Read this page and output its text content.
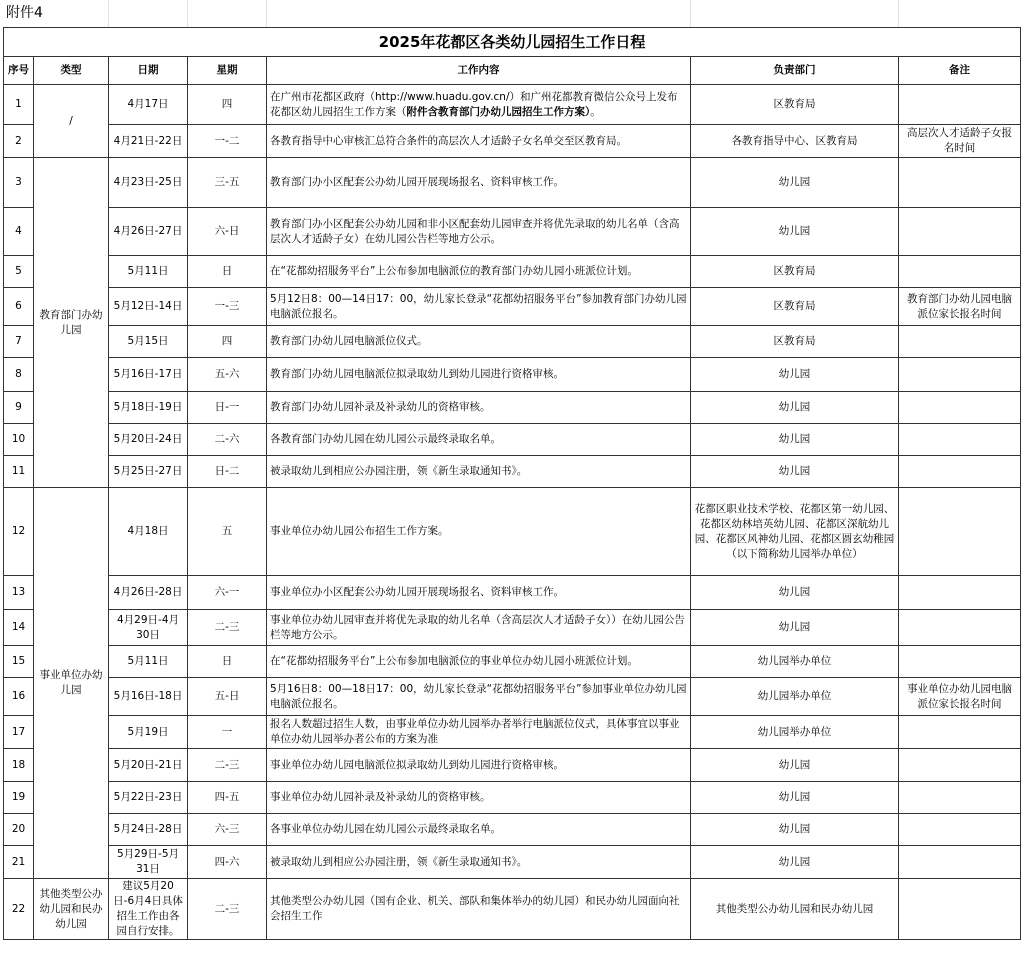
附件4
2025年花都区各类幼儿园招生工作日程						
序号	类型	日期	星期	工作内容	负责部门	备注
1	/	4月17日	四	在广州市花都区政府（http://www.huadu.gov.cn/）和广州花都教育微信公众号上发布花都区幼儿园招生工作方案（附件含教育部门办幼儿园招生工作方案）。	区教育局	
2		4月21日-22日	一-二	各教育指导中心审核汇总符合条件的高层次人才适龄子女名单交至区教育局。	各教育指导中心、区教育局	高层次人才适龄子女报名时间
3	教育部门办幼儿园	4月23日-25日	三-五	教育部门办小区配套公办幼儿园开展现场报名、资料审核工作。	幼儿园	
4		4月26日-27日	六-日	教育部门办小区配套公办幼儿园和非小区配套幼儿园审查并将优先录取的幼儿名单（含高层次人才适龄子女）在幼儿园公告栏等地方公示。	幼儿园	
5		5月11日	日	在“花都幼招服务平台”上公布参加电脑派位的教育部门办幼儿园小班派位计划。	区教育局	
6		5月12日-14日	一-三	5月12日8：00—14日17：00，幼儿家长登录“花都幼招服务平台”参加教育部门办幼儿园电脑派位报名。	区教育局	教育部门办幼儿园电脑派位家长报名时间
7		5月15日	四	教育部门办幼儿园电脑派位仪式。	区教育局	
8		5月16日-17日	五-六	教育部门办幼儿园电脑派位拟录取幼儿到幼儿园进行资格审核。	幼儿园	
9		5月18日-19日	日-一	教育部门办幼儿园补录及补录幼儿的资格审核。	幼儿园	
10		5月20日-24日	二-六	各教育部门办幼儿园在幼儿园公示最终录取名单。	幼儿园	
11		5月25日-27日	日-二	被录取幼儿到相应公办园注册，领《新生录取通知书》。	幼儿园	
12	事业单位办幼儿园	4月18日	五	事业单位办幼儿园公布招生工作方案。	花都区职业技术学校、花都区第一幼儿园、花都区幼林培英幼儿园、花都区深航幼儿园、花都区风神幼儿园、花都区圆玄幼稚园（以下简称幼儿园举办单位）	
13		4月26日-28日	六-一	事业单位办小区配套公办幼儿园开展现场报名、资料审核工作。	幼儿园	
14		4月29日-4月30日	二-三	事业单位办幼儿园审查并将优先录取的幼儿名单（含高层次人才适龄子女））在幼儿园公告栏等地方公示。	幼儿园	
15		5月11日	日	在“花都幼招服务平台”上公布参加电脑派位的事业单位办幼儿园小班派位计划。	幼儿园举办单位	
16		5月16日-18日	五-日	5月16日8：00—18日17：00，幼儿家长登录“花都幼招服务平台”参加事业单位办幼儿园电脑派位报名。	幼儿园举办单位	事业单位办幼儿园电脑派位家长报名时间
17		5月19日	一	报名人数超过招生人数，由事业单位办幼儿园举办者举行电脑派位仪式，具体事宜以事业单位办幼儿园举办者公布的方案为准	幼儿园举办单位	
18		5月20日-21日	二-三	事业单位办幼儿园电脑派位拟录取幼儿到幼儿园进行资格审核。	幼儿园	
19		5月22日-23日	四-五	事业单位办幼儿园补录及补录幼儿的资格审核。	幼儿园	
20		5月24日-28日	六-三	各事业单位办幼儿园在幼儿园公示最终录取名单。	幼儿园	
21		5月29日-5月31日	四-六	被录取幼儿到相应公办园注册，领《新生录取通知书》。	幼儿园	
22	其他类型公办幼儿园和民办幼儿园	建议5月20日-6月4日具体招生工作由各园自行安排。	二-三	其他类型公办幼儿园（国有企业、机关、部队和集体举办的幼儿园）和民办幼儿园面向社会招生工作	其他类型公办幼儿园和民办幼儿园	
